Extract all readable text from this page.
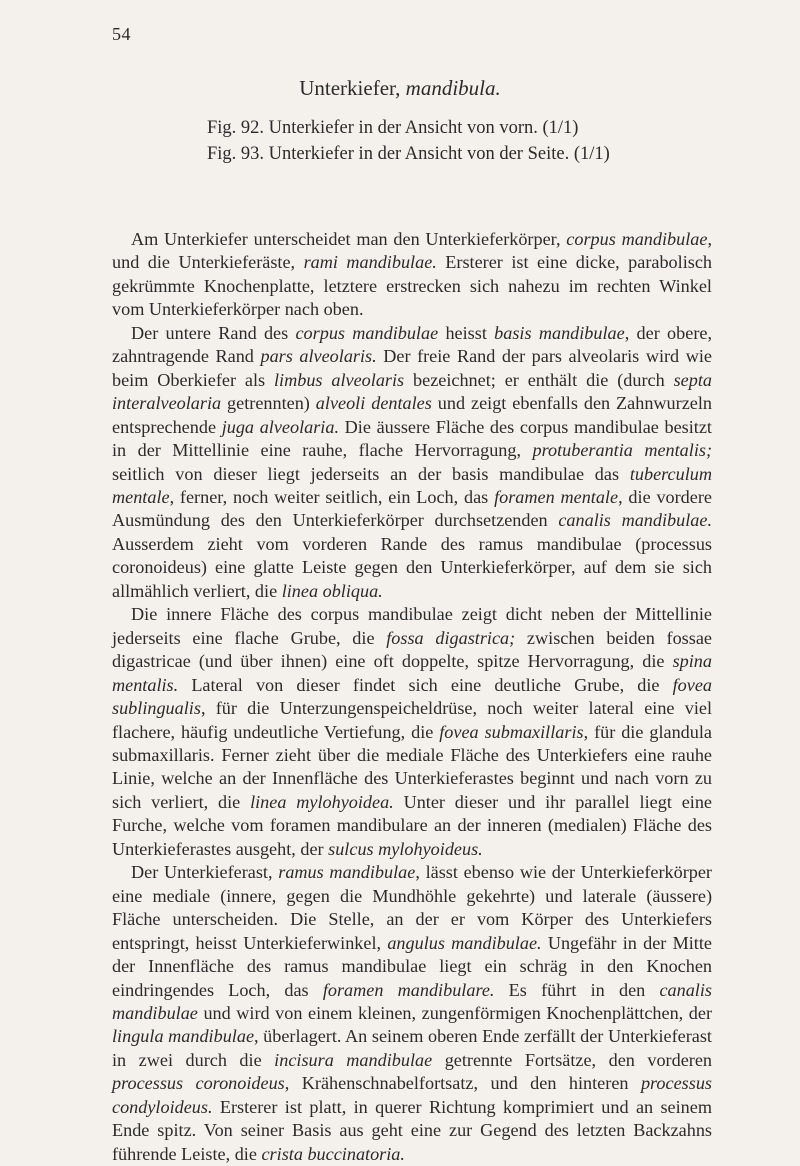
54
Unterkiefer, mandibula.
Fig. 92. Unterkiefer in der Ansicht von vorn. (1/1)
Fig. 93. Unterkiefer in der Ansicht von der Seite. (1/1)

Am Unterkiefer unterscheidet man den Unterkieferkörper, corpus mandibulae, und die Unterkieferäste, rami mandibulae. Ersterer ist eine dicke, parabolisch gekrümmte Knochenplatte, letztere erstrecken sich nahezu im rechten Winkel vom Unterkieferkörper nach oben.

Der untere Rand des corpus mandibulae heisst basis mandibulae, der obere, zahntragende Rand pars alveolaris. Der freie Rand der pars alveolaris wird wie beim Oberkiefer als limbus alveolaris bezeichnet; er enthält die (durch septa interalveolaria getrennten) alveoli dentales und zeigt ebenfalls den Zahnwurzeln entsprechende juga alveolaria. Die äussere Fläche des corpus mandibulae besitzt in der Mittellinie eine rauhe, flache Hervorragung, protuberantia mentalis; seitlich von dieser liegt jederseits an der basis mandibulae das tuberculum mentale, ferner, noch weiter seitlich, ein Loch, das foramen mentale, die vordere Ausmündung des den Unterkieferkörper durchsetzenden canalis mandibulae. Ausserdem zieht vom vorderen Rande des ramus mandibulae (processus coronoideus) eine glatte Leiste gegen den Unterkieferkörper, auf dem sie sich allmählich verliert, die linea obliqua.

Die innere Fläche des corpus mandibulae zeigt dicht neben der Mittellinie jederseits eine flache Grube, die fossa digastrica; zwischen beiden fossae digastricae (und über ihnen) eine oft doppelte, spitze Hervorragung, die spina mentalis. Lateral von dieser findet sich eine deutliche Grube, die fovea sublingualis, für die Unterzungenspeicheldrüse, noch weiter lateral eine viel flachere, häufig undeutliche Vertiefung, die fovea submaxillaris, für die glandula submaxillaris. Ferner zieht über die mediale Fläche des Unterkiefers eine rauhe Linie, welche an der Innenfläche des Unterkieferastes beginnt und nach vorn zu sich verliert, die linea mylohyoidea. Unter dieser und ihr parallel liegt eine Furche, welche vom foramen mandibulare an der inneren (medialen) Fläche des Unterkieferastes ausgeht, der sulcus mylohyoideus.

Der Unterkieferast, ramus mandibulae, lässt ebenso wie der Unterkieferkörper eine mediale (innere, gegen die Mundhöhle gekehrte) und laterale (äussere) Fläche unterscheiden. Die Stelle, an der er vom Körper des Unterkiefers entspringt, heisst Unterkieferwinkel, angulus mandibulae. Ungefähr in der Mitte der Innenfläche des ramus mandibulae liegt ein schräg in den Knochen eindringendes Loch, das foramen mandibulare. Es führt in den canalis mandibulae und wird von einem kleinen, zungenförmigen Knochenplättchen, der lingula mandibulae, überlagert. An seinem oberen Ende zerfällt der Unterkieferast in zwei durch die incisura mandibulae getrennte Fortsätze, den vorderen processus coronoideus, Krähenschnabelfortsatz, und den hinteren processus condyloideus. Ersterer ist platt, in querer Richtung komprimiert und an seinem Ende spitz. Von seiner Basis aus geht eine zur Gegend des letzten Backzahns führende Leiste, die crista buccinatoria.
